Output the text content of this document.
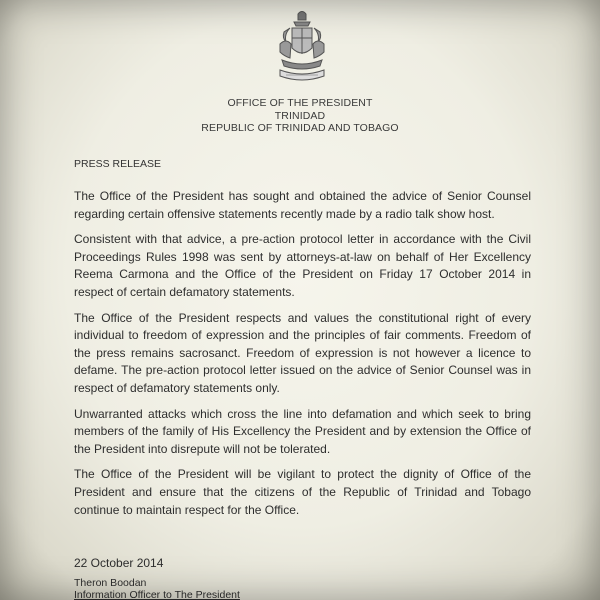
OFFICE OF THE PRESIDENT
TRINIDAD
REPUBLIC OF TRINIDAD AND TOBAGO
PRESS RELEASE

The Office of the President has sought and obtained the advice of Senior Counsel regarding certain offensive statements recently made by a radio talk show host.

Consistent with that advice, a pre-action protocol letter in accordance with the Civil Proceedings Rules 1998 was sent by attorneys-at-law on behalf of Her Excellency Reema Carmona and the Office of the President on Friday 17 October 2014 in respect of certain defamatory statements.

The Office of the President respects and values the constitutional right of every individual to freedom of expression and the principles of fair comments. Freedom of the press remains sacrosanct. Freedom of expression is not however a licence to defame. The pre-action protocol letter issued on the advice of Senior Counsel was in respect of defamatory statements only.

Unwarranted attacks which cross the line into defamation and which seek to bring members of the family of His Excellency the President and by extension the Office of the President into disrepute will not be tolerated.

The Office of the President will be vigilant to protect the dignity of Office of the President and ensure that the citizens of the Republic of Trinidad and Tobago continue to maintain respect for the Office.

22 October 2014
Theron Boodan
Information Officer to The President
